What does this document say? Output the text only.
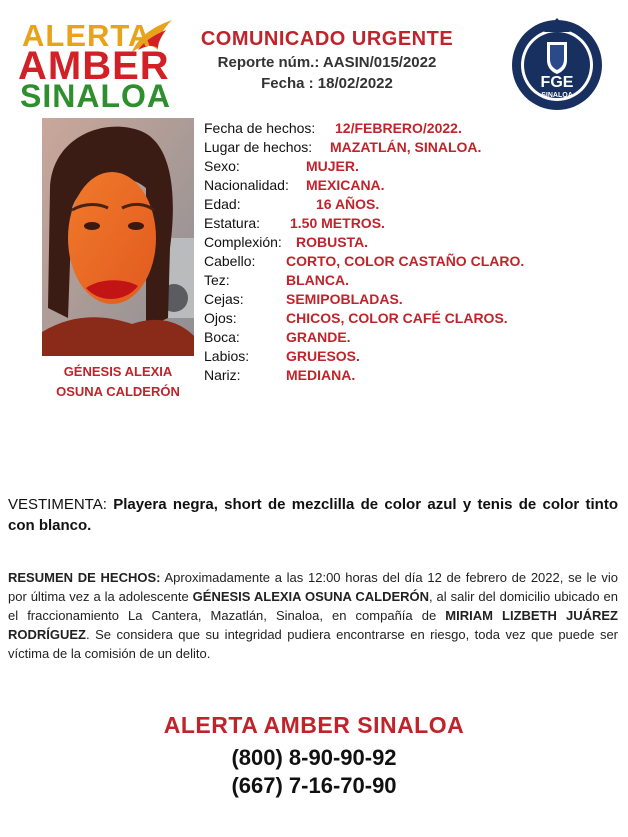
ALERTA
AMBER
SINALOA
COMUNICADO URGENTE
Reporte núm.: AASIN/015/2022
Fecha : 18/02/2022	FGE
SINALOA
GÉNESIS ALEXIA
OSUNA CALDERÓN
Fecha de hechos: 12/FEBRERO/2022.
Lugar de hechos: MAZATLÁN, SINALOA.
Sexo:	MUJER.
Nacionalidad: MEXICANA.
Edad:	16 AÑOS.
Estatura: 1.50 METROS.
Complexión: ROBUSTA.
Cabello: CORTO, COLOR CASTAÑO CLARO.
Tez:	BLANCA.
Cejas:	SEMIPOBLADAS.
Ojos:	CHICOS, COLOR CAFÉ CLAROS.
Boca:	GRANDE.
Labios:	GRUESOS.
Nariz:	MEDIANA.
VESTIMENTA: Playera negra, short de mezclilla de color azul y tenis de color tinto con blanco.
RESUMEN DE HECHOS: Aproximadamente a las 12:00 horas del día 12 de febrero de 2022, se le vio por última vez a la adolescente GÉNESIS ALEXIA OSUNA CALDERÓN, al salir del domicilio ubicado en el fraccionamiento La Cantera, Mazatlán, Sinaloa, en compañía de MIRIAM LIZBETH JUÁREZ RODRÍGUEZ. Se considera que su integridad pudiera encontrarse en riesgo, toda vez que puede ser víctima de la comisión de un delito.
ALERTA AMBER SINALOA
(800) 8-90-90-92
(667) 7-16-70-90
